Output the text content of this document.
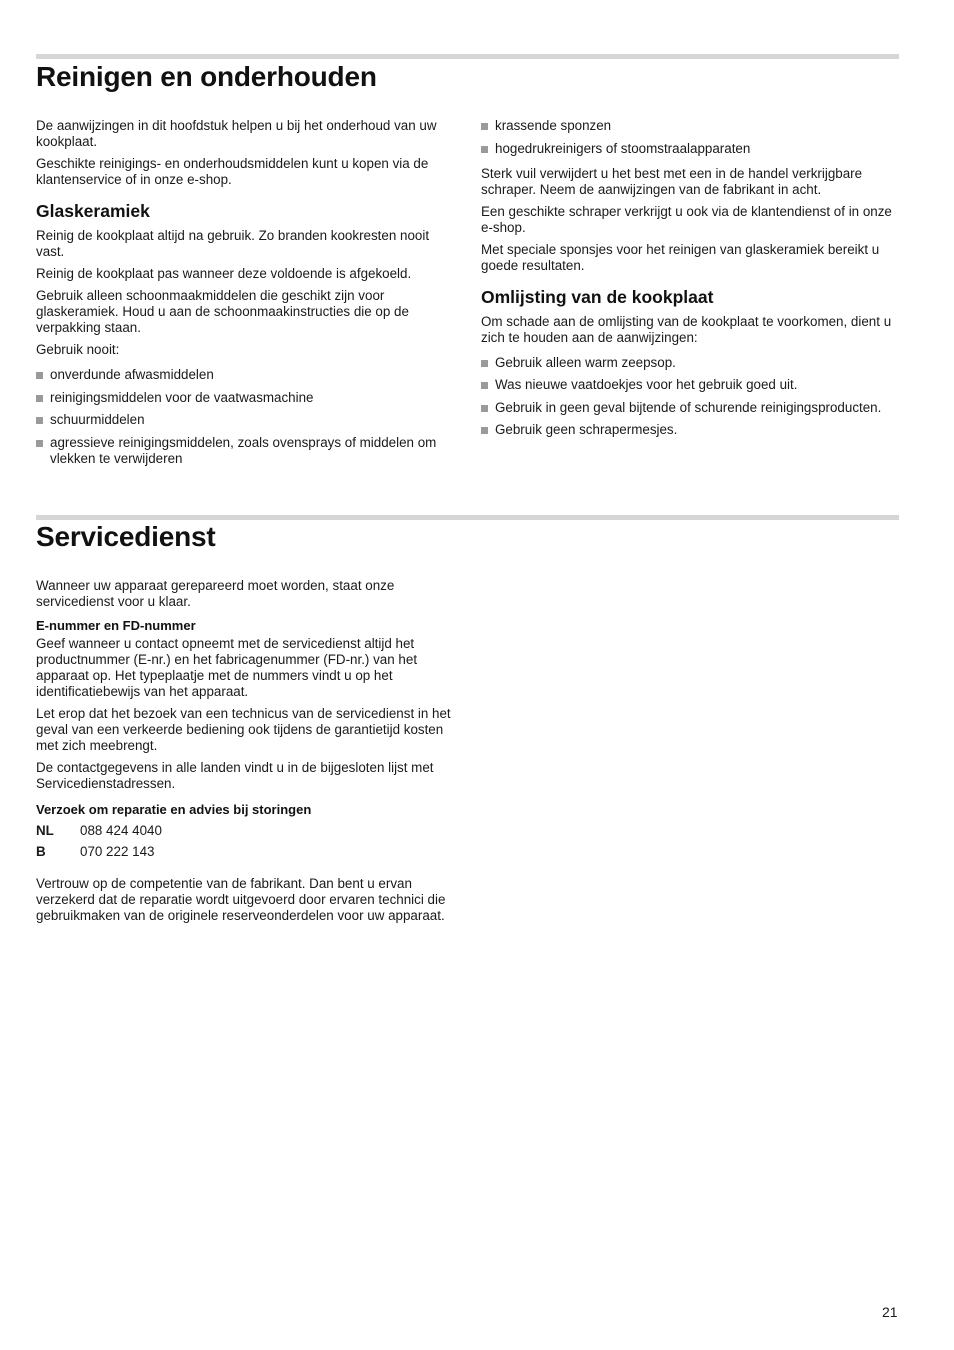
Reinigen en onderhouden

De aanwijzingen in dit hoofdstuk helpen u bij het onderhoud van uw kookplaat.

Geschikte reinigings- en onderhoudsmiddelen kunt u kopen via de klantenservice of in onze e-shop.

Glaskeramiek

Reinig de kookplaat altijd na gebruik. Zo branden kookresten nooit vast.

Reinig de kookplaat pas wanneer deze voldoende is afgekoeld.

Gebruik alleen schoonmaakmiddelen die geschikt zijn voor glaskeramiek. Houd u aan de schoonmaakinstructies die op de verpakking staan.

Gebruik nooit:

onverdunde afwasmiddelen
reinigingsmiddelen voor de vaatwasmachine
schuurmiddelen
agressieve reinigingsmiddelen, zoals ovensprays of middelen om vlekken te verwijderen
krassende sponzen
hogedrukreinigers of stoomstraalapparaten

Sterk vuil verwijdert u het best met een in de handel verkrijgbare schraper. Neem de aanwijzingen van de fabrikant in acht.

Een geschikte schraper verkrijgt u ook via de klantendienst of in onze e-shop.

Met speciale sponsjes voor het reinigen van glaskeramiek bereikt u goede resultaten.

Omlijsting van de kookplaat

Om schade aan de omlijsting van de kookplaat te voorkomen, dient u zich te houden aan de aanwijzingen:

Gebruik alleen warm zeepsop.
Was nieuwe vaatdoekjes voor het gebruik goed uit.
Gebruik in geen geval bijtende of schurende reinigingsproducten.
Gebruik geen schrapermesjes.
Servicedienst

Wanneer uw apparaat gerepareerd moet worden, staat onze servicedienst voor u klaar.

E-nummer en FD-nummer

Geef wanneer u contact opneemt met de servicedienst altijd het productnummer (E-nr.) en het fabricagenummer (FD-nr.) van het apparaat op. Het typeplaatje met de nummers vindt u op het identificatiebewijs van het apparaat.

Let erop dat het bezoek van een technicus van de servicedienst in het geval van een verkeerde bediening ook tijdens de garantietijd kosten met zich meebrengt.

De contactgegevens in alle landen vindt u in de bijgesloten lijst met Servicedienstadressen.

Verzoek om reparatie en advies bij storingen
NL	088 424 4040
B	070 222 143

Vertrouw op de competentie van de fabrikant. Dan bent u ervan verzekerd dat de reparatie wordt uitgevoerd door ervaren technici die gebruikmaken van de originele reserveonderdelen voor uw apparaat.

21
